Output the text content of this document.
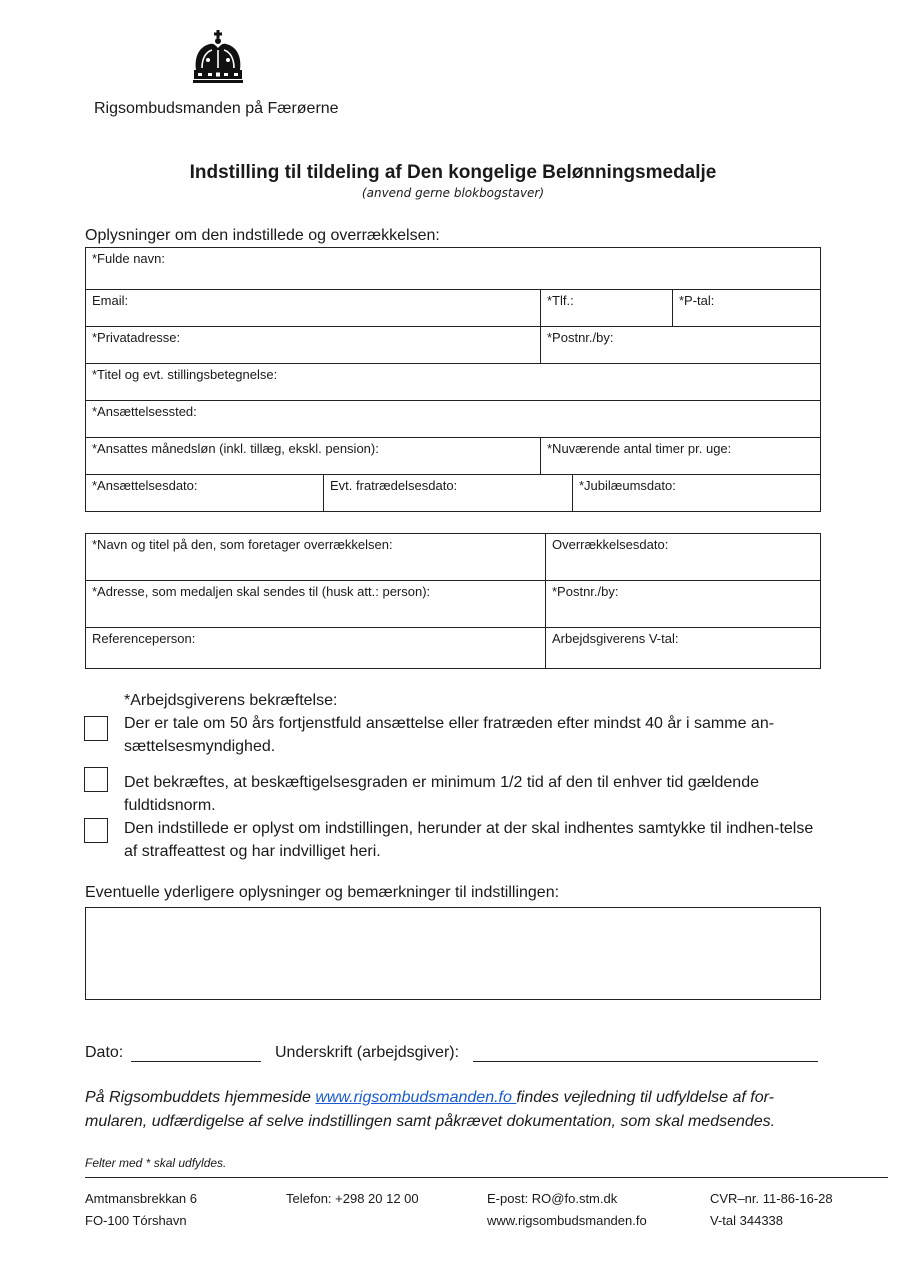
Rigsombudsmanden på Færøerne
Indstilling til tildeling af Den kongelige Belønningsmedalje
(anvend gerne blokbogstaver)
Oplysninger om den indstillede og overrækkelsen:
*Fulde navn:
Email:	*Tlf.:	*P-tal:
*Privatadresse:	*Postnr./by:
*Titel og evt. stillingsbetegnelse:
*Ansættelsessted:
*Ansattes månedsløn (inkl. tillæg, ekskl. pension):	*Nuværende antal timer pr. uge:
*Ansættelsesdato:	Evt. fratrædelsesdato:	*Jubilæumsdato:
*Navn og titel på den, som foretager overrækkelsen:	Overrækkelsesdato:
*Adresse, som medaljen skal sendes til (husk att.: person):	*Postnr./by:
Referenceperson:	Arbejdsgiverens V-tal:
*Arbejdsgiverens bekræftelse:
Der er tale om 50 års fortjenstfuld ansættelse eller fratræden efter mindst 40 år i samme an-sættelsesmyndighed.
Det bekræftes, at beskæftigelsesgraden er minimum 1/2 tid af den til enhver tid gældende fuldtidsnorm.
Den indstillede er oplyst om indstillingen, herunder at der skal indhentes samtykke til indhen-telse af straffeattest og har indvilliget heri.
Eventuelle yderligere oplysninger og bemærkninger til indstillingen:
Dato:	Underskrift (arbejdsgiver):
På Rigsombuddets hjemmeside www.rigsombudsmanden.fo findes vejledning til udfyldelse af for-mularen, udfærdigelse af selve indstillingen samt påkrævet dokumentation, som skal medsendes.
Felter med * skal udfyldes.
Amtmansbrekkan 6
FO-100 Tórshavn
Telefon: +298 20 12 00	E-post: RO@fo.stm.dk
www.rigsombudsmanden.fo
CVR–nr. 11-86-16-28
V-tal 344338
